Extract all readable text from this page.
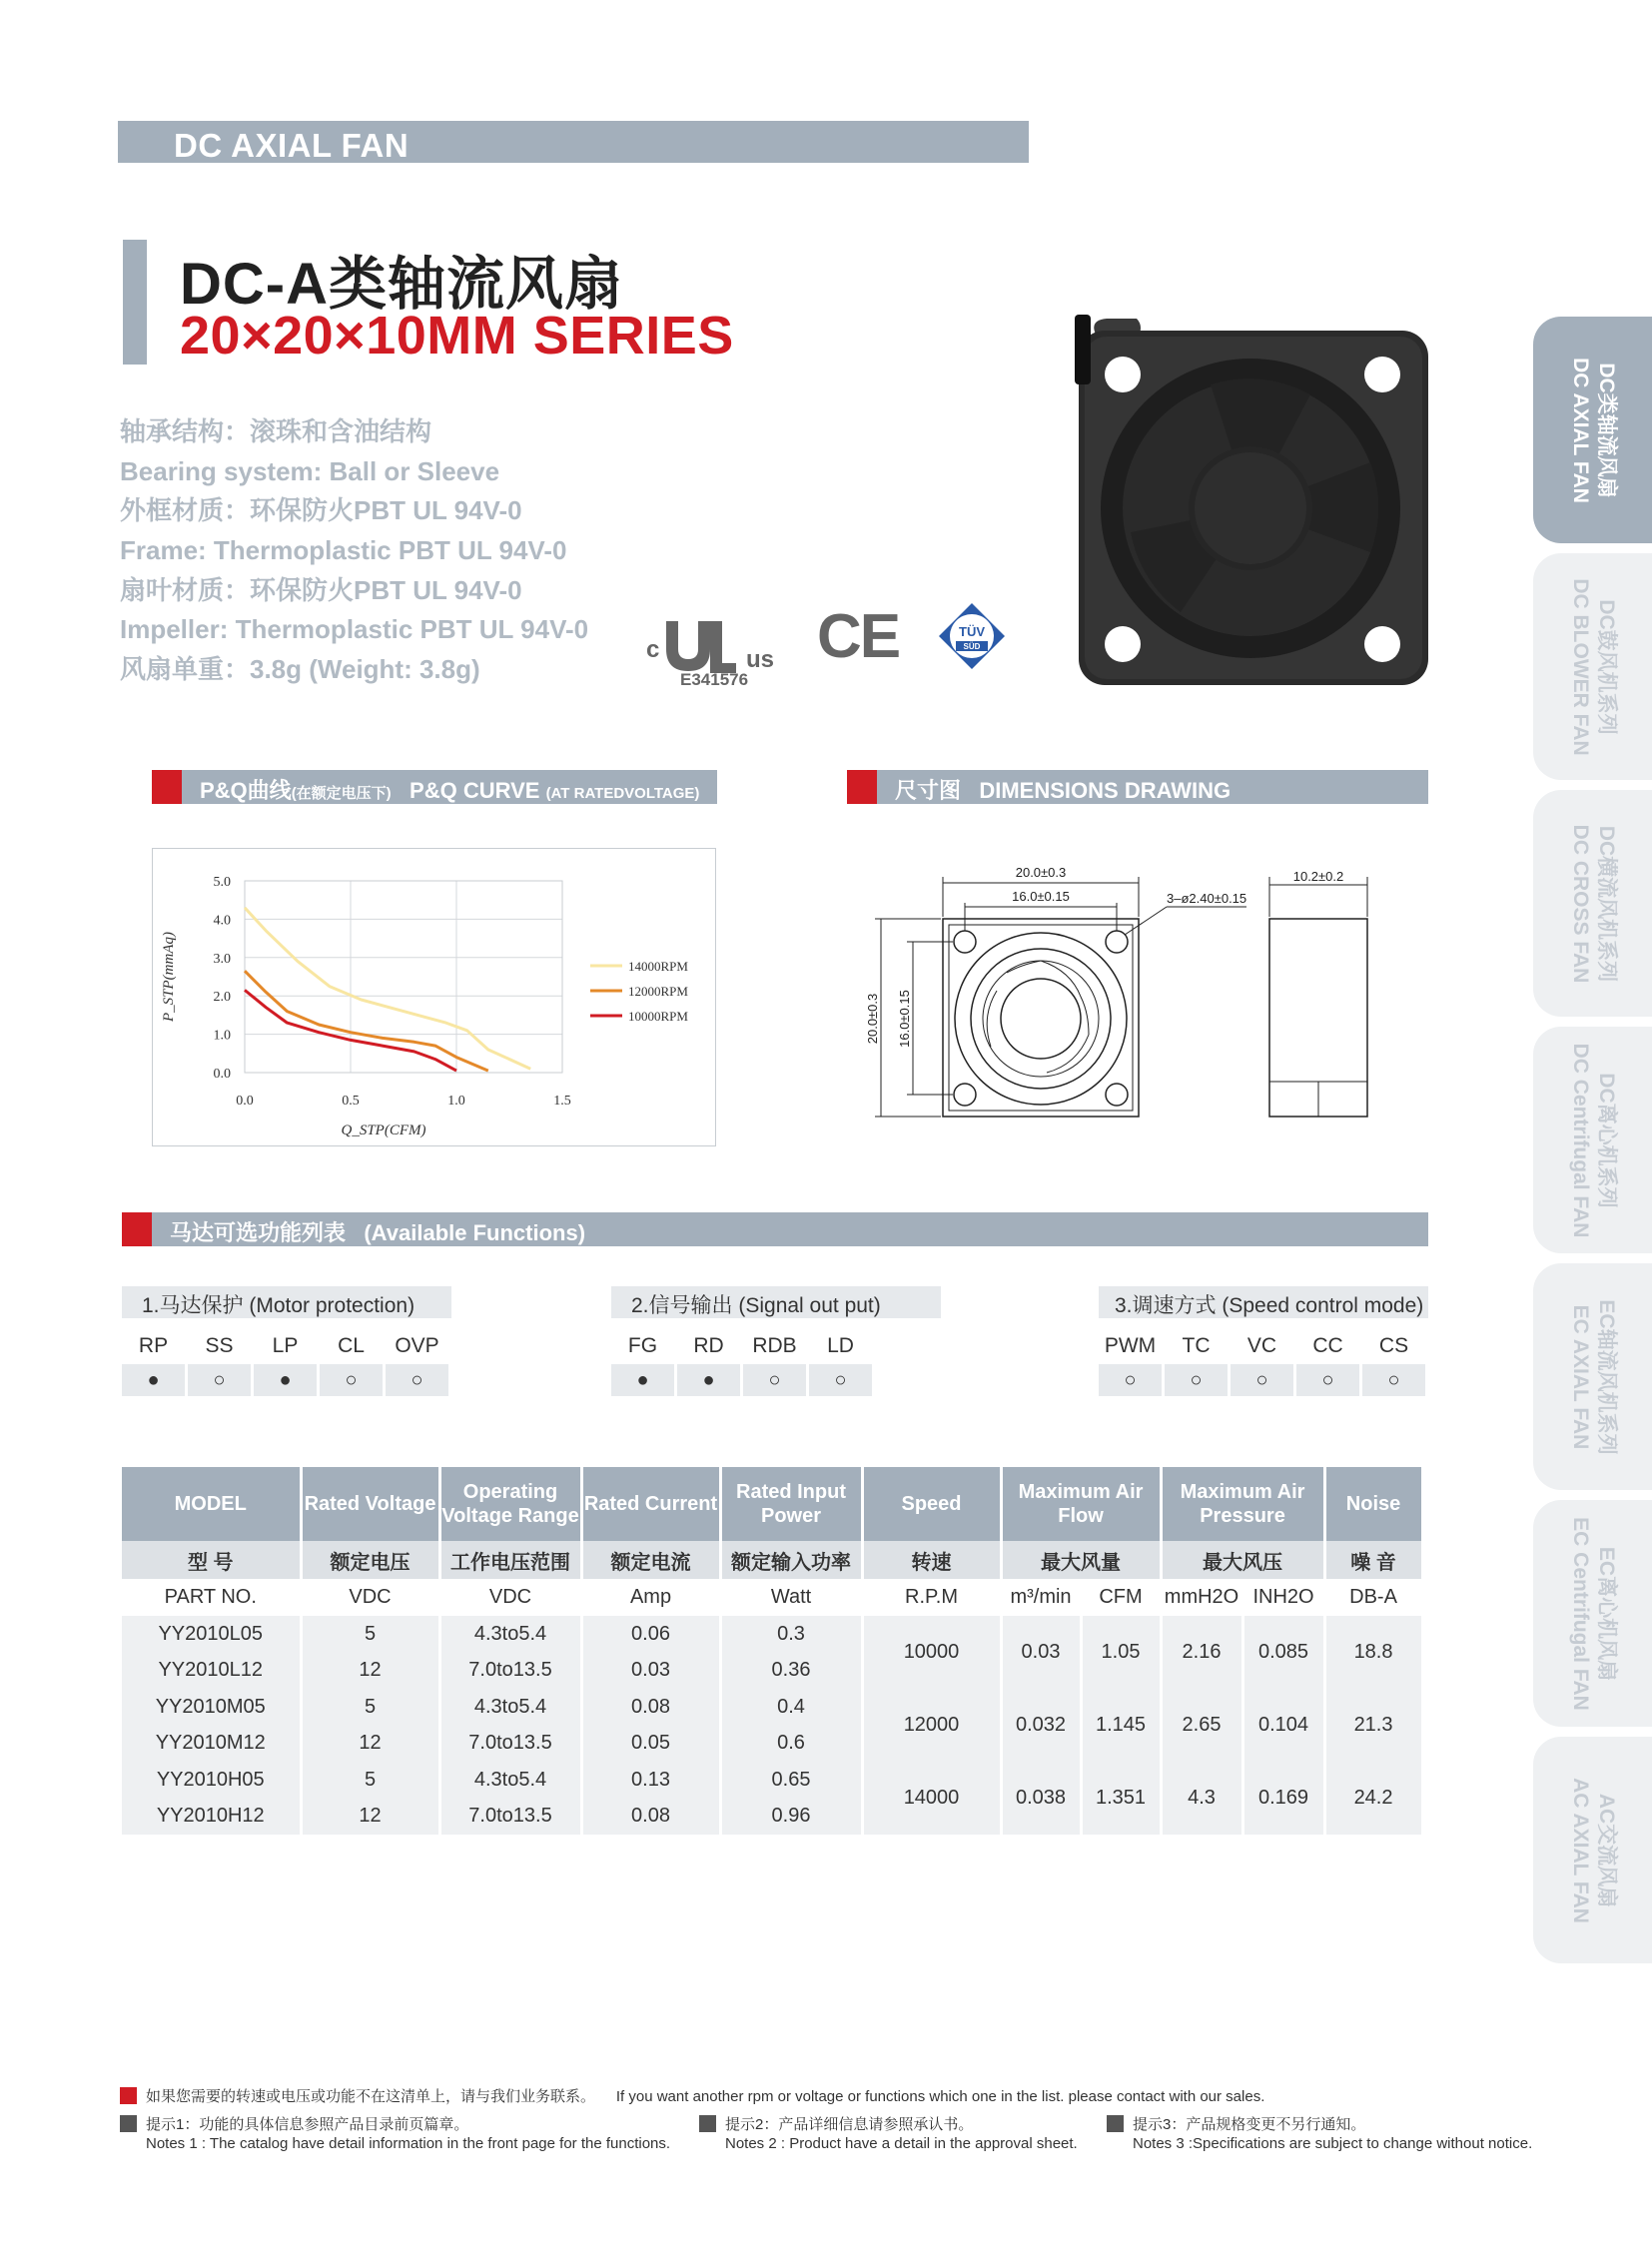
DC AXIAL FAN
DC-A类轴流风扇
20×20×10MM SERIES
轴承结构：滚珠和含油结构
Bearing system: Ball or Sleeve
外框材质：环保防火PBT UL 94V-0
Frame: Thermoplastic PBT UL 94V-0
扇叶材质：环保防火PBT UL 94V-0
Impeller: Thermoplastic PBT UL 94V-0
风扇单重：3.8g (Weight: 3.8g)
c	us
E341576
CE	TÜV
SÜD
DC类轴流风扇
DC AXIAL FAN
DC鼓风机系列
DC BLOWER FAN
DC横流风机系列
DC CROSS FAN
DC离心机系列
DC Centrifugal FAN
EC轴流风机系列
EC AXIAL FAN
EC离心机风扇
EC Centrifugal FAN
AC交流风扇
AC AXIAL FAN
P&Q曲线(在额定电压下) P&Q CURVE (AT RATEDVOLTAGE)	尺寸图 DIMENSIONS DRAWING
0.0
1.0
2.0
3.0
4.0
5.0
0.0	0.5	1.0	1.5
14000RPM
12000RPM
10000RPM
Q_STP(CFM)
P_STP(mmAq)
20.0±0.3
16.0±0.15	3–ø2.40±0.15
20.0±0.3 16.0±0.15
10.2±0.2
马达可选功能列表 (Available Functions)
1.马达保护 (Motor protection)
RP	SS	LP	CL	OVP
●	○	●	○	○
2.信号输出 (Signal out put)
FG	RD	RDB	LD
●	●	○	○
3.调速方式 (Speed control mode)
PWM	TC	VC	CC	CS
○	○	○	○	○
MODEL	Rated Voltage	Operating Voltage Range	Rated Current	Rated Input Power	Speed	Maximum Air Flow		Maximum Air Pressure		Noise
型 号	额定电压	工作电压范围	额定电流	额定输入功率	转速	最大风量		最大风压		噪 音
PART NO.	VDC	VDC	Amp	Watt	R.P.M	m³/min	CFM	mmH2O	INH2O	DB-A
YY2010L05	5	4.3to5.4	0.06	0.3	10000	0.03	1.05	2.16	0.085	18.8
YY2010L12	12	7.0to13.5	0.03	0.36						
YY2010M05	5	4.3to5.4	0.08	0.4	12000	0.032	1.145	2.65	0.104	21.3
YY2010M12	12	7.0to13.5	0.05	0.6						
YY2010H05	5	4.3to5.4	0.13	0.65	14000	0.038	1.351	4.3	0.169	24.2
YY2010H12	12	7.0to13.5	0.08	0.96						
如果您需要的转速或电压或功能不在这清单上，请与我们业务联系。 If you want another rpm or voltage or functions which one in the list. please contact with our sales.
提示1：功能的具体信息参照产品目录前页篇章。
Notes 1 : The catalog have detail information in the front page for the functions.
提示2：产品详细信息请参照承认书。
Notes 2 : Product have a detail in the approval sheet.
提示3：产品规格变更不另行通知。
Notes 3 :Specifications are subject to change without notice.
